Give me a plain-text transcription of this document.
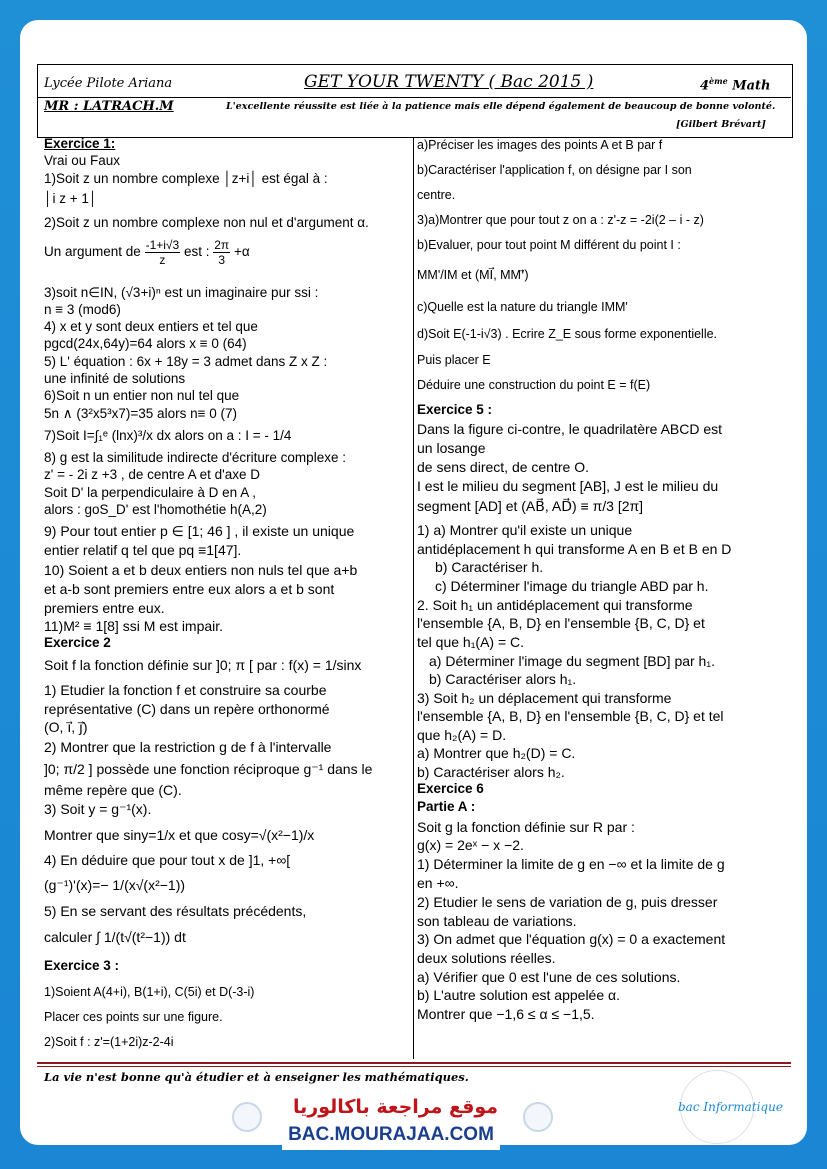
Lycée Pilote Ariana
MR : LATRACH.M
GET YOUR TWENTY ( Bac 2015 )	4ème Math
L'excellente réussite est liée à la patience mais elle dépend également de beaucoup de bonne volonté.
[Gilbert Brévart]
Exercice 1:
Vrai ou Faux
1)Soit z un nombre complexe │z+i│ est égal à :
│i z + 1│
2)Soit z un nombre complexe non nul et d'argument α.
Un argument de $\frac{-1+i√3}{z}$ est : $\frac{2\pi}{3} +\alpha$
3)soit n∈IN, (√3+i)ⁿ est un imaginaire pur ssi :
n ≡ 3 (mod6)
4) x et y sont deux entiers et tel que
pgcd(24x,64y)=64 alors x ≡ 0 (64)
5) L' équation : 6x + 18y = 3 admet dans Z x Z :
une infinité de solutions
6)Soit n un entier non nul tel que
5n ∧ (3²x5³x7)=35 alors n≡ 0 (7)
7)Soit I=∫₁ᵉ (lnx)³/x dx alors on a : I = - 1/4
8) g est la similitude indirecte d'écriture complexe :
z' = - 2i z +3 , de centre A et d'axe D
Soit D' la perpendiculaire à D en A ,
alors : goS_D' est l'homothétie h(A,2)
9) Pour tout entier p ∈ [1; 46 ] , il existe un unique
entier relatif q tel que pq ≡1[47].
10) Soient a et b deux entiers non nuls tel que a+b
et a-b sont premiers entre eux alors a et b sont
premiers entre eux.
11)M² ≡ 1[8] ssi M est impair.
Exercice 2
Soit f la fonction définie sur ]0; π [ par : f(x) = 1/sinx
1) Etudier la fonction f et construire sa courbe
représentative (C) dans un repère orthonormé
(O, i⃗, j⃗)
2) Montrer que la restriction g de f à l'intervalle
]0; π/2 ] possède une fonction réciproque g⁻¹ dans le
même repère que (C).
3) Soit y = g⁻¹(x).
Montrer que siny=1/x et que cosy=√(x²−1)/x
4) En déduire que pour tout x de ]1, +∞[
(g⁻¹)'(x)=− 1/(x√(x²−1))
5) En se servant des résultats précédents,
calculer ∫ 1/(t√(t²−1)) dt
Exercice 3 :
1)Soient A(4+i), B(1+i), C(5i) et D(-3-i)
Placer ces points sur une figure.
2)Soit f : z'=(1+2i)z-2-4i
a)Préciser les images des points A et B par f
b)Caractériser l'application f, on désigne par I son
centre.
3)a)Montrer que pour tout z on a : z'-z = -2i(2 – i - z)
b)Evaluer, pour tout point M différent du point I :
MM'/IM et (MI⃗, MM'⃗)
c)Quelle est la nature du triangle IMM'
d)Soit E(-1-i√3) . Ecrire Z_E sous forme exponentielle.
Puis placer E
Déduire une construction du point E = f(E)
Exercice 5 :
Dans la figure ci-contre, le quadrilatère ABCD est
un losange
de sens direct, de centre O.
I est le milieu du segment [AB], J est le milieu du
segment [AD] et (AB⃗, AD⃗) ≡ π/3 [2π]
1) a) Montrer qu'il existe un unique
antidéplacement h qui transforme A en B et B en D
b) Caractériser h.
c) Déterminer l'image du triangle ABD par h.
2. Soit h₁ un antidéplacement qui transforme
l'ensemble {A, B, D} en l'ensemble {B, C, D} et
tel que h₁(A) = C.
a) Déterminer l'image du segment [BD] par h₁.
b) Caractériser alors h₁.
3) Soit h₂ un déplacement qui transforme
l'ensemble {A, B, D} en l'ensemble {B, C, D} et tel
que h₂(A) = D.
a) Montrer que h₂(D) = C.
b) Caractériser alors h₂.
Exercice 6
Partie A :
Soit g la fonction définie sur R par :
g(x) = 2eˣ − x −2.
1) Déterminer la limite de g en −∞ et la limite de g
en +∞.
2) Etudier le sens de variation de g, puis dresser
son tableau de variations.
3) On admet que l'équation g(x) = 0 a exactement
deux solutions réelles.
a) Vérifier que 0 est l'une de ces solutions.
b) L'autre solution est appelée α.
Montrer que −1,6 ≤ α ≤ −1,5.
La vie n'est bonne qu'à étudier et à enseigner les mathématiques.
موقع مراجعة باكالوريا
BAC.MOURAJAA.COM
bac Informatique
